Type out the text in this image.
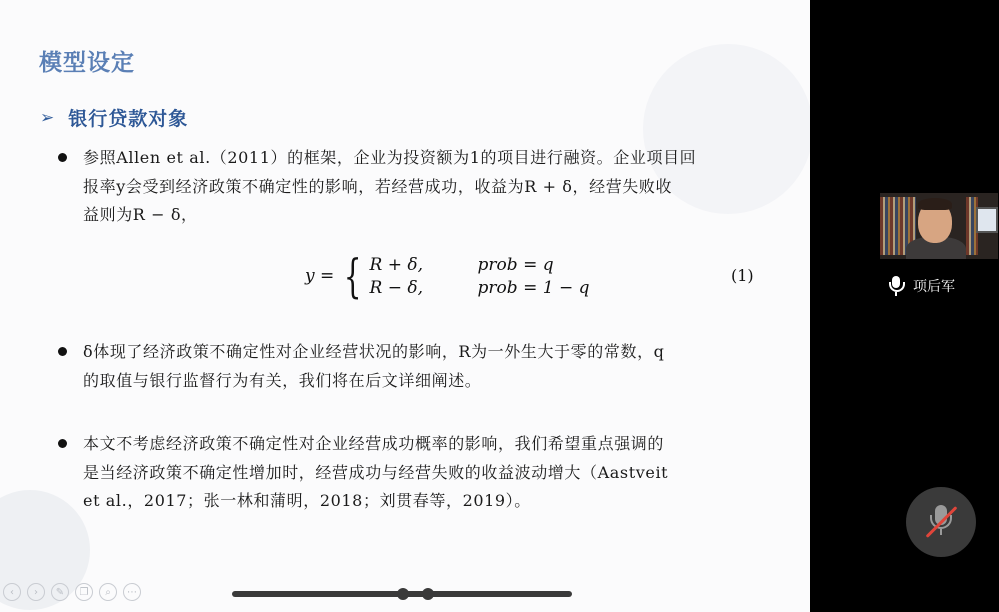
模型设定
➢ 银行贷款对象

参照Allen et al.（2011）的框架，企业为投资额为1的项目进行融资。企业项目回

报率y会受到经济政策不确定性的影响，若经营成功，收益为R + δ，经营失败收

益则为R − δ，

y = { R + δ,	prob = q
R − δ,	prob = 1 − q
(1)

δ体现了经济政策不确定性对企业经营状况的影响，R为一外生大于零的常数，q

的取值与银行监督行为有关，我们将在后文详细阐述。

本文不考虑经济政策不确定性对企业经营成功概率的影响，我们希望重点强调的

是当经济政策不确定性增加时，经营成功与经营失败的收益波动增大（Aastveit

et al.，2017；张一林和蒲明，2018；刘贯春等，2019）。

‹	›	✎	❐	⌕	⋯
项后军
